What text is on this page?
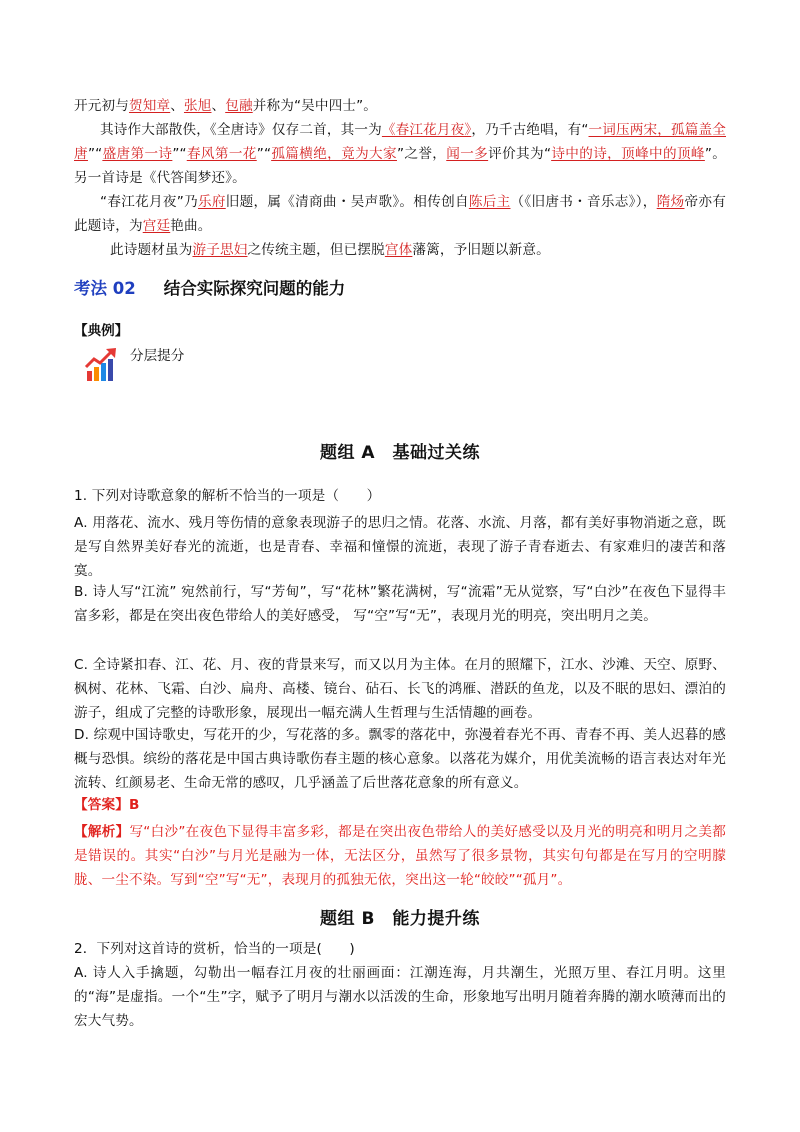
开元初与贺知章、张旭、包融并称为“吴中四士”。
其诗作大部散佚，《全唐诗》仅存二首，其一为《春江花月夜》，乃千古绝唱，有“一词压两宋，孤篇盖全唐”“盛唐第一诗”“春风第一花”“孤篇横绝，竟为大家”之誉，闻一多评价其为“诗中的诗，顶峰中的顶峰”。另一首诗是《代答闺梦还》。
“春江花月夜”乃乐府旧题，属《清商曲・吴声歌》。相传创自陈后主（《旧唐书・音乐志》），隋炀帝亦有此题诗，为宫廷艳曲。
此诗题材虽为游子思妇之传统主题，但已摆脱宫体藩篱，予旧题以新意。
考法 02 结合实际探究问题的能力
【典例】
分层提分
题组 A　基础过关练
1. 下列对诗歌意象的解析不恰当的一项是（　　）
A. 用落花、流水、残月等伤情的意象表现游子的思归之情。花落、水流、月落，都有美好事物消逝之意，既是写自然界美好春光的流逝，也是青春、幸福和憧憬的流逝，表现了游子青春逝去、有家难归的凄苦和落寞。
B. 诗人写“江流” 宛然前行，写“芳甸”，写“花林”繁花满树，写“流霜”无从觉察，写“白沙”在夜色下显得丰富多彩，都是在突出夜色带给人的美好感受， 写“空”写“无”，表现月光的明亮，突出明月之美。
C. 全诗紧扣春、江、花、月、夜的背景来写，而又以月为主体。在月的照耀下，江水、沙滩、天空、原野、枫树、花林、飞霜、白沙、扁舟、高楼、镜台、砧石、长飞的鸿雁、潜跃的鱼龙，以及不眠的思妇、漂泊的游子，组成了完整的诗歌形象，展现出一幅充满人生哲理与生活情趣的画卷。
D. 综观中国诗歌史，写花开的少，写花落的多。飘零的落花中，弥漫着春光不再、青春不再、美人迟暮的感概与恐惧。缤纷的落花是中国古典诗歌伤春主题的核心意象。以落花为媒介，用优美流畅的语言表达对年光流转、红颜易老、生命无常的感叹，几乎涵盖了后世落花意象的所有意义。
【答案】B
【解析】写“白沙”在夜色下显得丰富多彩，都是在突出夜色带给人的美好感受以及月光的明亮和明月之美都是错误的。其实“白沙”与月光是融为一体，无法区分，虽然写了很多景物，其实句句都是在写月的空明朦胧、一尘不染。写到“空”写“无”，表现月的孤独无依，突出这一轮“皎皎”“孤月”。
题组 B　能力提升练
2．下列对这首诗的赏析，恰当的一项是(　　)
A. 诗人入手擒题，勾勒出一幅春江月夜的壮丽画面：江潮连海，月共潮生，光照万里、春江月明。这里的“海”是虚指。一个“生”字，赋予了明月与潮水以活泼的生命，形象地写出明月随着奔腾的潮水喷薄而出的宏大气势。
